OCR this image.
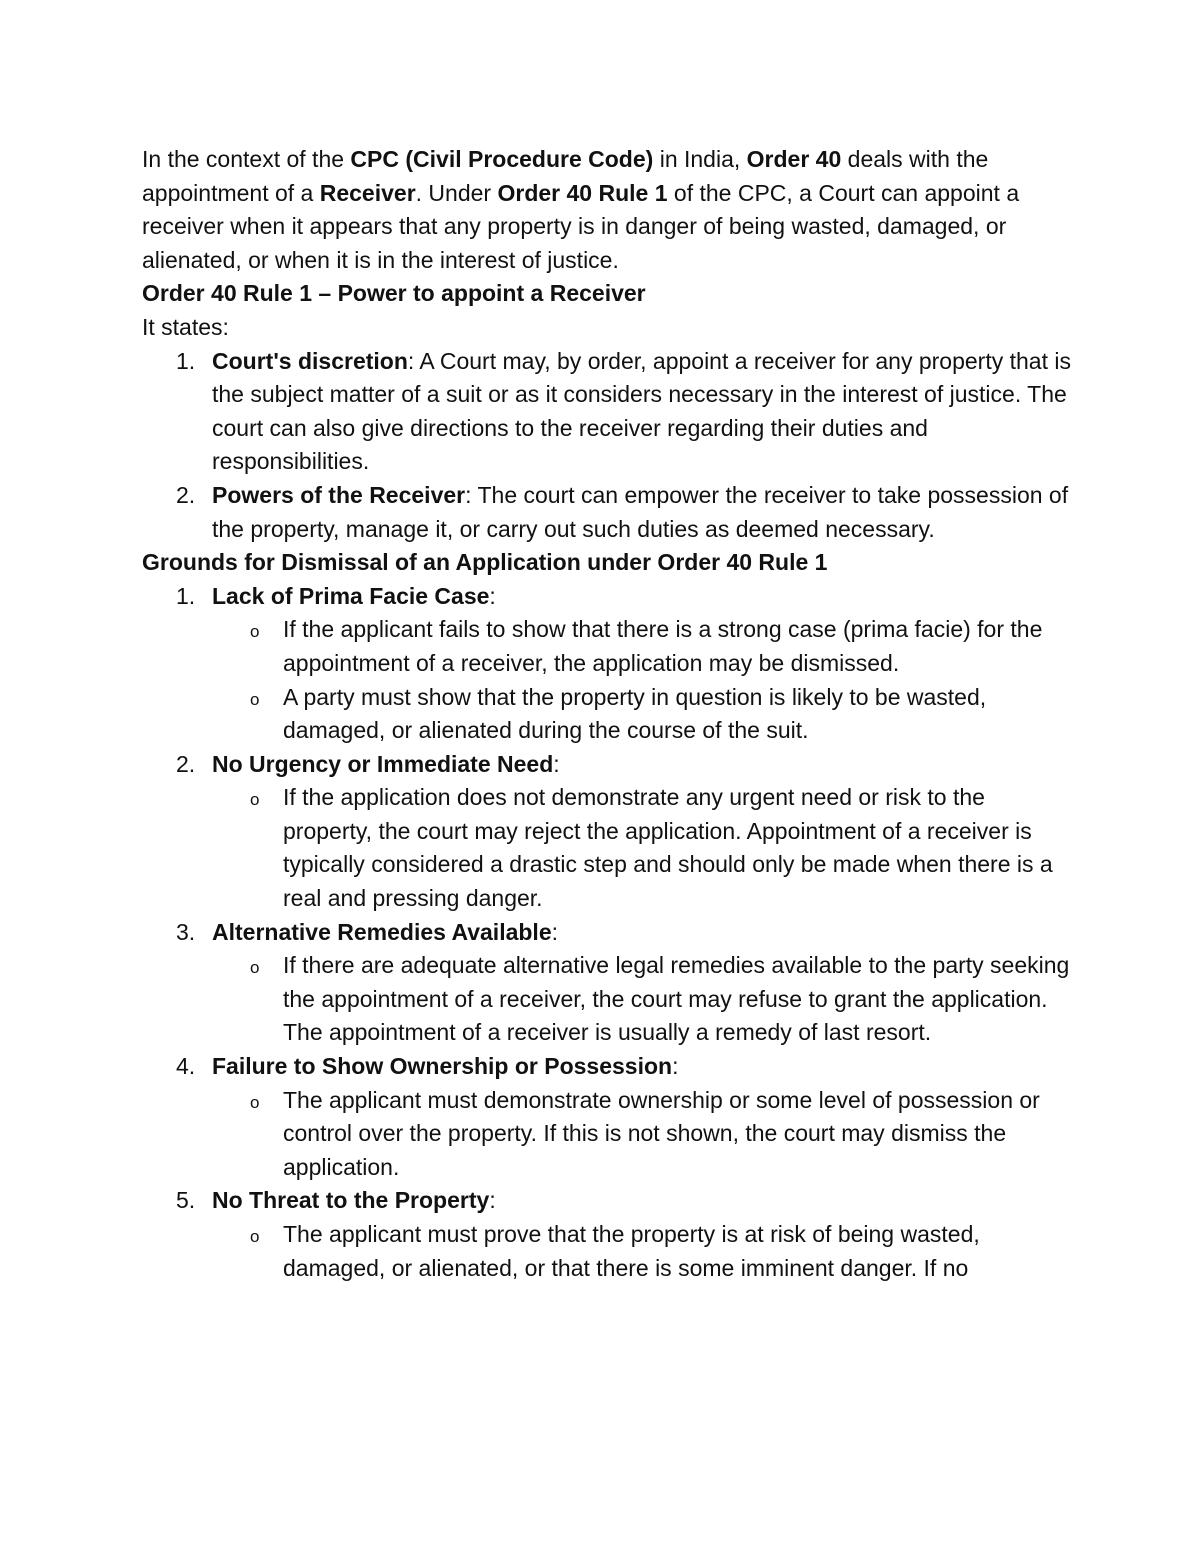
In the context of the CPC (Civil Procedure Code) in India, Order 40 deals with the appointment of a Receiver. Under Order 40 Rule 1 of the CPC, a Court can appoint a receiver when it appears that any property is in danger of being wasted, damaged, or alienated, or when it is in the interest of justice.

Order 40 Rule 1 – Power to appoint a Receiver

It states:

1. Court's discretion: A Court may, by order, appoint a receiver for any property that is the subject matter of a suit or as it considers necessary in the interest of justice. The court can also give directions to the receiver regarding their duties and responsibilities.
2. Powers of the Receiver: The court can empower the receiver to take possession of the property, manage it, or carry out such duties as deemed necessary.

Grounds for Dismissal of an Application under Order 40 Rule 1

1. Lack of Prima Facie Case:
o If the applicant fails to show that there is a strong case (prima facie) for the appointment of a receiver, the application may be dismissed.
o A party must show that the property in question is likely to be wasted, damaged, or alienated during the course of the suit.
2. No Urgency or Immediate Need:
o If the application does not demonstrate any urgent need or risk to the property, the court may reject the application. Appointment of a receiver is typically considered a drastic step and should only be made when there is a real and pressing danger.
3. Alternative Remedies Available:
o If there are adequate alternative legal remedies available to the party seeking the appointment of a receiver, the court may refuse to grant the application. The appointment of a receiver is usually a remedy of last resort.
4. Failure to Show Ownership or Possession:
o The applicant must demonstrate ownership or some level of possession or control over the property. If this is not shown, the court may dismiss the application.
5. No Threat to the Property:
o The applicant must prove that the property is at risk of being wasted, damaged, or alienated, or that there is some imminent danger. If no
